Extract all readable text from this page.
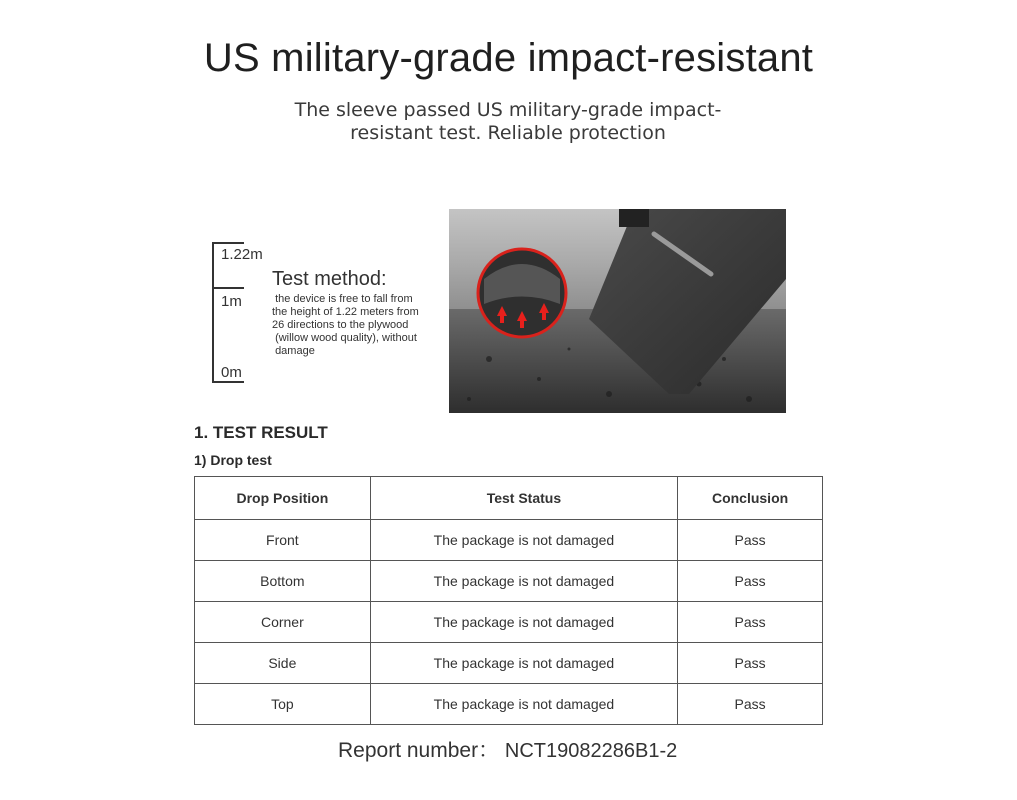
US military-grade impact-resistant
The sleeve passed US military-grade impact-resistant test. Reliable protection
1.22m
1m
0m
Test method:
the device is free to fall from
the height of 1.22 meters from
26 directions to the plywood
(willow wood quality), without
damage
1. TEST RESULT
1) Drop test
Drop Position	Test Status	Conclusion
Front	The package is not damaged	Pass
Bottom	The package is not damaged	Pass
Corner	The package is not damaged	Pass
Side	The package is not damaged	Pass
Top	The package is not damaged	Pass
Report number： NCT19082286B1-2
